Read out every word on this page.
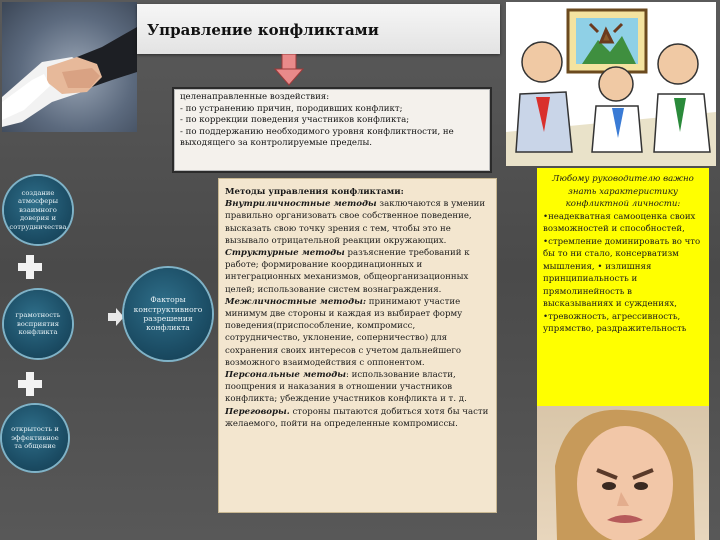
Управление конфликтами
целенаправленные воздействия:
- по устранению причин, породивших конфликт;
- по коррекции поведения участников конфликта;
- по поддержанию необходимого уровня конфликтности, не
выходящего за контролируемые пределы.
создание атмосферы взаимного доверия и сотрудничества
грамотность восприятия конфликта
открытость и эффективное та общение
Факторы конструктивного разрешения конфликта

Методы управления конфликтами:
Внутриличностные методы заключаются в умении правильно организовать свое собственное поведение, высказать свою точку зрения с тем, чтобы это не вызывало отрицательной реакции окружающих. Структурные методы разъяснение требований к работе; формирование координационных и интеграционных механизмов, общеорганизационных целей; использование систем вознаграждения. Межличностные методы: принимают участие минимум две стороны и каждая из выбирает форму поведения(приспособление, компромисс, сотрудничество, уклонение, соперничество) для сохранения своих интересов с учетом дальнейшего возможного взаимодействия с оппонентом. Персональные методы: использование власти, поощрения и наказания в отношении участников конфликта; убеждение участников конфликта и т. д. Переговоры. стороны пытаются добиться хотя бы части желаемого, пойти на определенные компромиссы.

Любому руководителю важно знать характеристику конфликтной личности:

•неадекватная самооценка своих возможностей и способностей, •стремление доминировать во что бы то ни стало, консерватизм мышления, • излишняя принципиальность и прямолинейность в высказываниях и суждениях, •тревожность, агрессивность, упрямство, раздражительность
